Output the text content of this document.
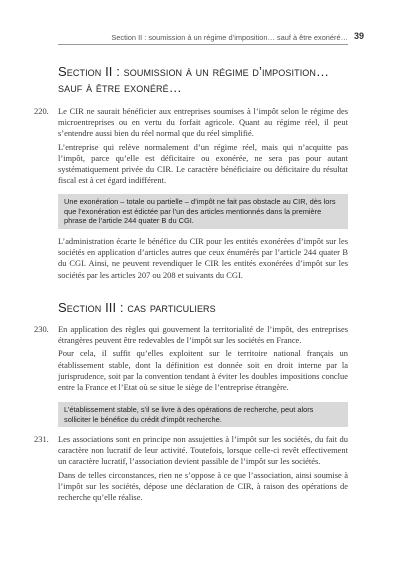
Section II : soumission à un régime d’imposition… sauf à être exonéré… 39
Section II : soumission à un régime d’imposition…
sauf à être exonéré…
220. Le CIR ne saurait bénéficier aux entreprises soumises à l’impôt selon le régime des microentreprises ou en vertu du forfait agricole. Quant au régime réel, il peut s’entendre aussi bien du réel normal que du réel simplifié.

L’entreprise qui relève normalement d’un régime réel, mais qui n’acquitte pas l’impôt, parce qu’elle est déficitaire ou exonérée, ne sera pas pour autant systématiquement privée du CIR. Le caractère bénéficiaire ou déficitaire du résultat fiscal est à cet égard indifférent.

Une exonération – totale ou partielle – d’impôt ne fait pas obstacle au CIR, dès lors que l’exonération est édictée par l’un des articles mentionnés dans la première phrase de l’article 244 quater B du CGI.

L’administration écarte le bénéfice du CIR pour les entités exonérées d’impôt sur les sociétés en application d’articles autres que ceux énumérés par l’article 244 quater B du CGI. Ainsi, ne peuvent revendiquer le CIR les entités exonérées d’impôt sur les sociétés par les articles 207 ou 208 et suivants du CGI.

Section III : cas particuliers
230. En application des règles qui gouvernent la territorialité de l’impôt, des entreprises étrangères peuvent être redevables de l’impôt sur les sociétés en France.

Pour cela, il suffit qu’elles exploitent sur le territoire national français un établissement stable, dont la définition est donnée soit en droit interne par la jurisprudence, soit par la convention tendant à éviter les doubles impositions conclue entre la France et l’Etat où se situe le siège de l’entreprise étrangère.

L’établissement stable, s’il se livre à des opérations de recherche, peut alors solliciter le bénéfice du crédit d’impôt recherche.

231. Les associations sont en principe non assujetties à l’impôt sur les sociétés, du fait du caractère non lucratif de leur activité. Toutefois, lorsque celle-ci revêt effectivement un caractère lucratif, l’association devient passible de l’impôt sur les sociétés.

Dans de telles circonstances, rien ne s’oppose à ce que l’association, ainsi soumise à l’impôt sur les sociétés, dépose une déclaration de CIR, à raison des opérations de recherche qu’elle réalise.
